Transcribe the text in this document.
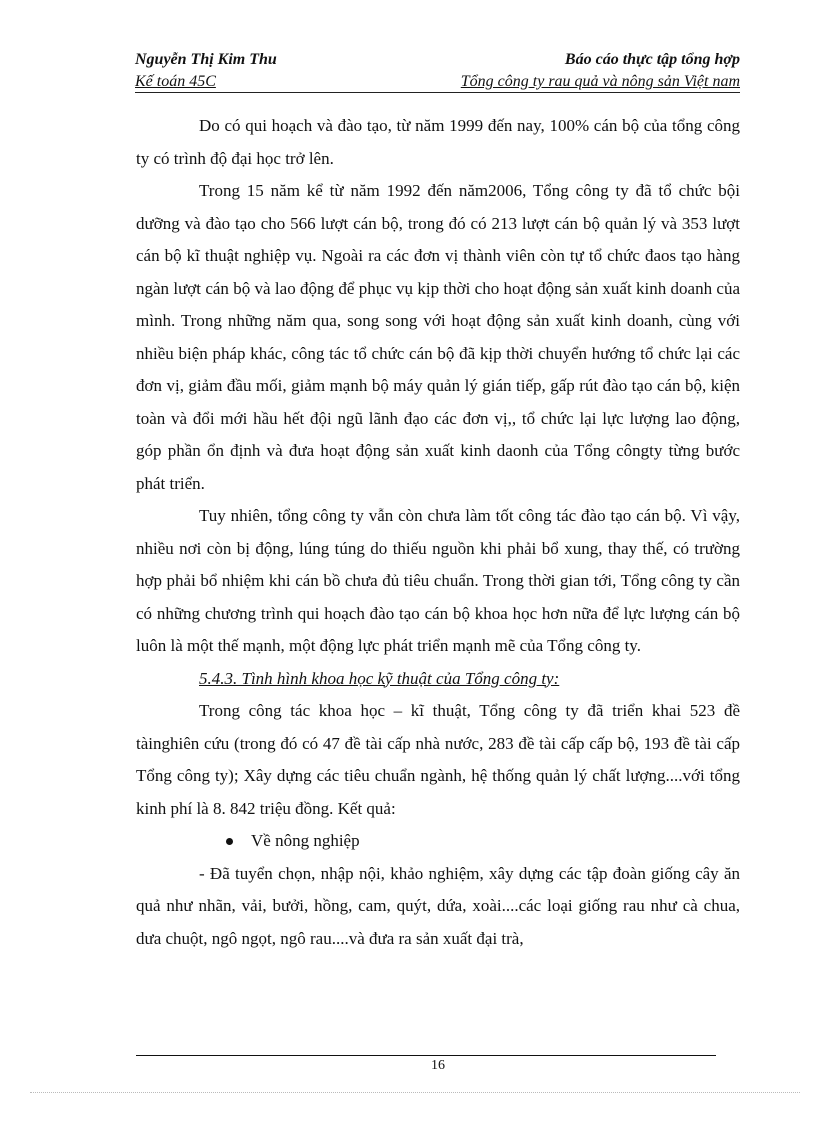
Nguyễn Thị Kim Thu	Báo cáo thực tập tổng hợp
Kế toán 45C	Tổng công ty rau quả và nông sản Việt nam

Do có qui hoạch và đào tạo, từ năm 1999 đến nay, 100% cán bộ của tổng công ty có trình độ đại học trở lên.

Trong 15 năm kể từ năm 1992 đến năm2006, Tổng công ty đã tổ chức bội dưỡng và đào tạo cho 566 lượt cán bộ, trong đó có 213 lượt cán bộ quản lý và 353 lượt cán bộ kĩ thuật nghiệp vụ. Ngoài ra các đơn vị thành viên còn tự tổ chức đaos tạo hàng ngàn lượt cán bộ và lao động để phục vụ kịp thời cho hoạt động sản xuất kinh doanh của mình. Trong những năm qua, song song với hoạt động sản xuất kinh doanh, cùng với nhiều biện pháp khác, công tác tổ chức cán bộ đã kịp thời chuyển hướng tổ chức lại các đơn vị, giảm đầu mối, giảm mạnh bộ máy quản lý gián tiếp, gấp rút đào tạo cán bộ, kiện toàn và đổi mới hầu hết đội ngũ lãnh đạo các đơn vị,, tổ chức lại lực lượng lao động, góp phần ổn định và đưa hoạt động sản xuất kinh daonh của Tổng côngty từng bước phát triển.

Tuy nhiên, tổng công ty vẫn còn chưa làm tốt công tác đào tạo cán bộ. Vì vậy, nhiều nơi còn bị động, lúng túng do thiếu nguồn khi phải bổ xung, thay thế, có trường hợp phải bổ nhiệm khi cán bồ chưa đủ tiêu chuẩn. Trong thời gian tới, Tổng công ty cần có những chương trình qui hoạch đào tạo cán bộ khoa học hơn nữa để lực lượng cán bộ luôn là một thế mạnh, một động lực phát triển mạnh mẽ của Tổng công ty.

5.4.3. Tình hình khoa học kỹ thuật của Tổng công ty:

Trong công tác khoa học – kĩ thuật, Tổng công ty đã triển khai 523 đề tàinghiên cứu (trong đó có 47 đề tài cấp nhà nước, 283 đề tài cấp cấp bộ, 193 đề tài cấp Tổng công ty); Xây dựng các tiêu chuẩn ngành, hệ thống quản lý chất lượng....với tổng kinh phí là 8. 842 triệu đồng. Kết quả:

Về nông nghiệp

- Đã tuyển chọn, nhập nội, khảo nghiệm, xây dựng các tập đoàn giống cây ăn quả như nhãn, vải, bưởi, hồng, cam, quýt, dứa, xoài....các loại giống rau như cà chua, dưa chuột, ngô ngọt, ngô rau....và đưa ra sản xuất đại trà,

16
